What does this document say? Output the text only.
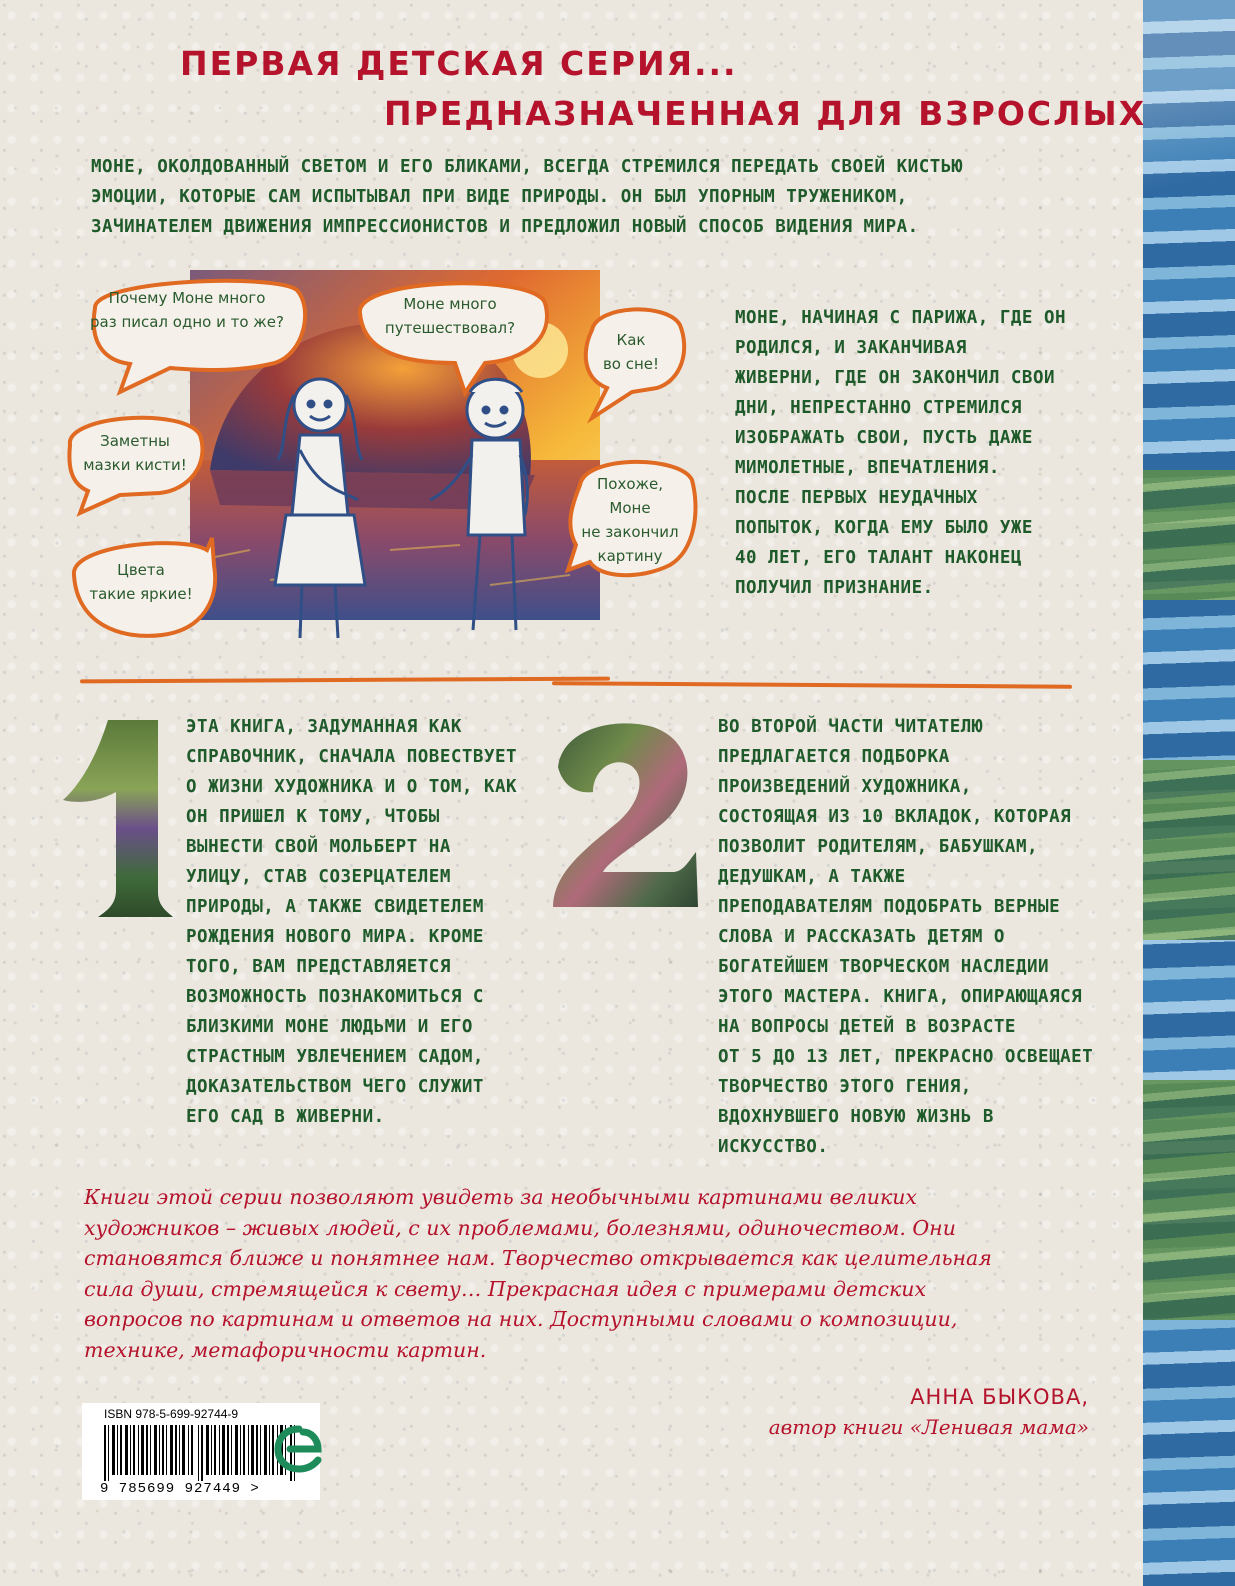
ПЕРВАЯ ДЕТСКАЯ СЕРИЯ...
ПРЕДНАЗНАЧЕННАЯ ДЛЯ ВЗРОСЛЫХ

МОНЕ, ОКОЛДОВАННЫЙ СВЕТОМ И ЕГО БЛИКАМИ, ВСЕГДА СТРЕМИЛСЯ ПЕРЕДАТЬ СВОЕЙ КИСТЬЮ

ЭМОЦИИ, КОТОРЫЕ САМ ИСПЫТЫВАЛ ПРИ ВИДЕ ПРИРОДЫ. ОН БЫЛ УПОРНЫМ ТРУЖЕНИКОМ,

ЗАЧИНАТЕЛЕМ ДВИЖЕНИЯ ИМПРЕССИОНИСТОВ И ПРЕДЛОЖИЛ НОВЫЙ СПОСОБ ВИДЕНИЯ МИРА.

Почему Моне много

раз писал одно и то же?

Моне много

путешествовал?

Как

во сне!

Заметны

мазки кисти!

Похоже,

Моне

не закончил

картину

Цвета

такие яркие!

МОНЕ, НАЧИНАЯ С ПАРИЖА, ГДЕ ОН

РОДИЛСЯ, И ЗАКАНЧИВАЯ

ЖИВЕРНИ, ГДЕ ОН ЗАКОНЧИЛ СВОИ

ДНИ, НЕПРЕСТАННО СТРЕМИЛСЯ

ИЗОБРАЖАТЬ СВОИ, ПУСТЬ ДАЖЕ

МИМОЛЕТНЫЕ, ВПЕЧАТЛЕНИЯ.

ПОСЛЕ ПЕРВЫХ НЕУДАЧНЫХ

ПОПЫТОК, КОГДА ЕМУ БЫЛО УЖЕ

40 ЛЕТ, ЕГО ТАЛАНТ НАКОНЕЦ

ПОЛУЧИЛ ПРИЗНАНИЕ.

ЭТА КНИГА, ЗАДУМАННАЯ КАК

СПРАВОЧНИК, СНАЧАЛА ПОВЕСТВУЕТ

О ЖИЗНИ ХУДОЖНИКА И О ТОМ, КАК

ОН ПРИШЕЛ К ТОМУ, ЧТОБЫ

ВЫНЕСТИ СВОЙ МОЛЬБЕРТ НА

УЛИЦУ, СТАВ СОЗЕРЦАТЕЛЕМ

ПРИРОДЫ, А ТАКЖЕ СВИДЕТЕЛЕМ

РОЖДЕНИЯ НОВОГО МИРА. КРОМЕ

ТОГО, ВАМ ПРЕДСТАВЛЯЕТСЯ

ВОЗМОЖНОСТЬ ПОЗНАКОМИТЬСЯ С

БЛИЗКИМИ МОНЕ ЛЮДЬМИ И ЕГО

СТРАСТНЫМ УВЛЕЧЕНИЕМ САДОМ,

ДОКАЗАТЕЛЬСТВОМ ЧЕГО СЛУЖИТ

ЕГО САД В ЖИВЕРНИ.

ВО ВТОРОЙ ЧАСТИ ЧИТАТЕЛЮ

ПРЕДЛАГАЕТСЯ ПОДБОРКА

ПРОИЗВЕДЕНИЙ ХУДОЖНИКА,

СОСТОЯЩАЯ ИЗ 10 ВКЛАДОК, КОТОРАЯ

ПОЗВОЛИТ РОДИТЕЛЯМ, БАБУШКАМ,

ДЕДУШКАМ, А ТАКЖЕ

ПРЕПОДАВАТЕЛЯМ ПОДОБРАТЬ ВЕРНЫЕ

СЛОВА И РАССКАЗАТЬ ДЕТЯМ О

БОГАТЕЙШЕМ ТВОРЧЕСКОМ НАСЛЕДИИ

ЭТОГО МАСТЕРА. КНИГА, ОПИРАЮЩАЯСЯ

НА ВОПРОСЫ ДЕТЕЙ В ВОЗРАСТЕ

ОТ 5 ДО 13 ЛЕТ, ПРЕКРАСНО ОСВЕЩАЕТ

ТВОРЧЕСТВО ЭТОГО ГЕНИЯ,

ВДОХНУВШЕГО НОВУЮ ЖИЗНЬ В

ИСКУССТВО.

Книги этой серии позволяют увидеть за необычными картинами великих

художников – живых людей, с их проблемами, болезнями, одиночеством. Они

становятся ближе и понятнее нам. Творчество открывается как целительная

сила души, стремящейся к свету… Прекрасная идея с примерами детских

вопросов по картинам и ответов на них. Доступными словами о композиции,

технике, метафоричности картин.

АННА БЫКОВА,
автор книги «Ленивая мама»
ISBN 978-5-699-92744-9
9 785699 927449 >
